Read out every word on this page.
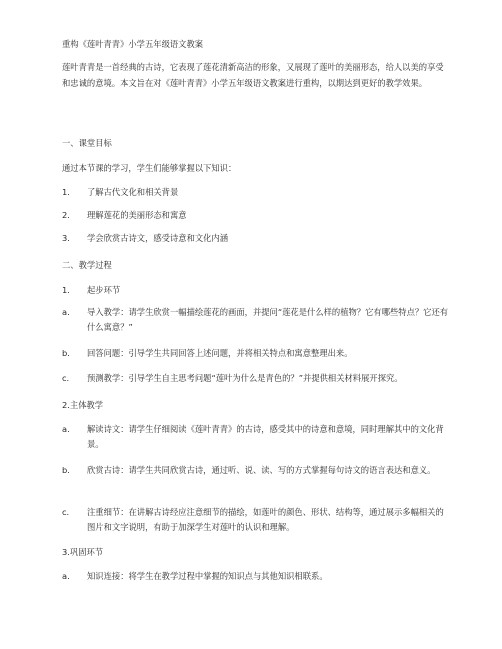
重构《莲叶青青》小学五年级语文教案
莲叶青青是一首经典的古诗，它表现了莲花清新高洁的形象，又展现了莲叶的美丽形态，给人以美的享受和忠诚的意境。本文旨在对《莲叶青青》小学五年级语文教案进行重构，以期达到更好的教学效果。
一、课堂目标
通过本节课的学习，学生们能够掌握以下知识：
1.	了解古代文化和相关背景
2.	理解莲花的美丽形态和寓意
3.	学会欣赏古诗文，感受诗意和文化内涵
二、教学过程
1.	起步环节
a.	导入教学：请学生欣赏一幅描绘莲花的画面，并提问“莲花是什么样的植物？它有哪些特点？它还有什么寓意？”
b.	回答问题：引导学生共同回答上述问题，并将相关特点和寓意整理出来。
c.	预测教学：引导学生自主思考问题“莲叶为什么是青色的？”并提供相关材料展开探究。
2.主体教学
a.	解读诗文：请学生仔细阅读《莲叶青青》的古诗，感受其中的诗意和意境，同时理解其中的文化背景。
b.	欣赏古诗：请学生共同欣赏古诗，通过听、说、读、写的方式掌握每句诗文的语言表达和意义。
c.	注重细节：在讲解古诗经应注意细节的描绘，如莲叶的颜色、形状、结构等，通过展示多幅相关的图片和文字说明，有助于加深学生对莲叶的认识和理解。
3.巩固环节
a.	知识连接：将学生在教学过程中掌握的知识点与其他知识相联系。
